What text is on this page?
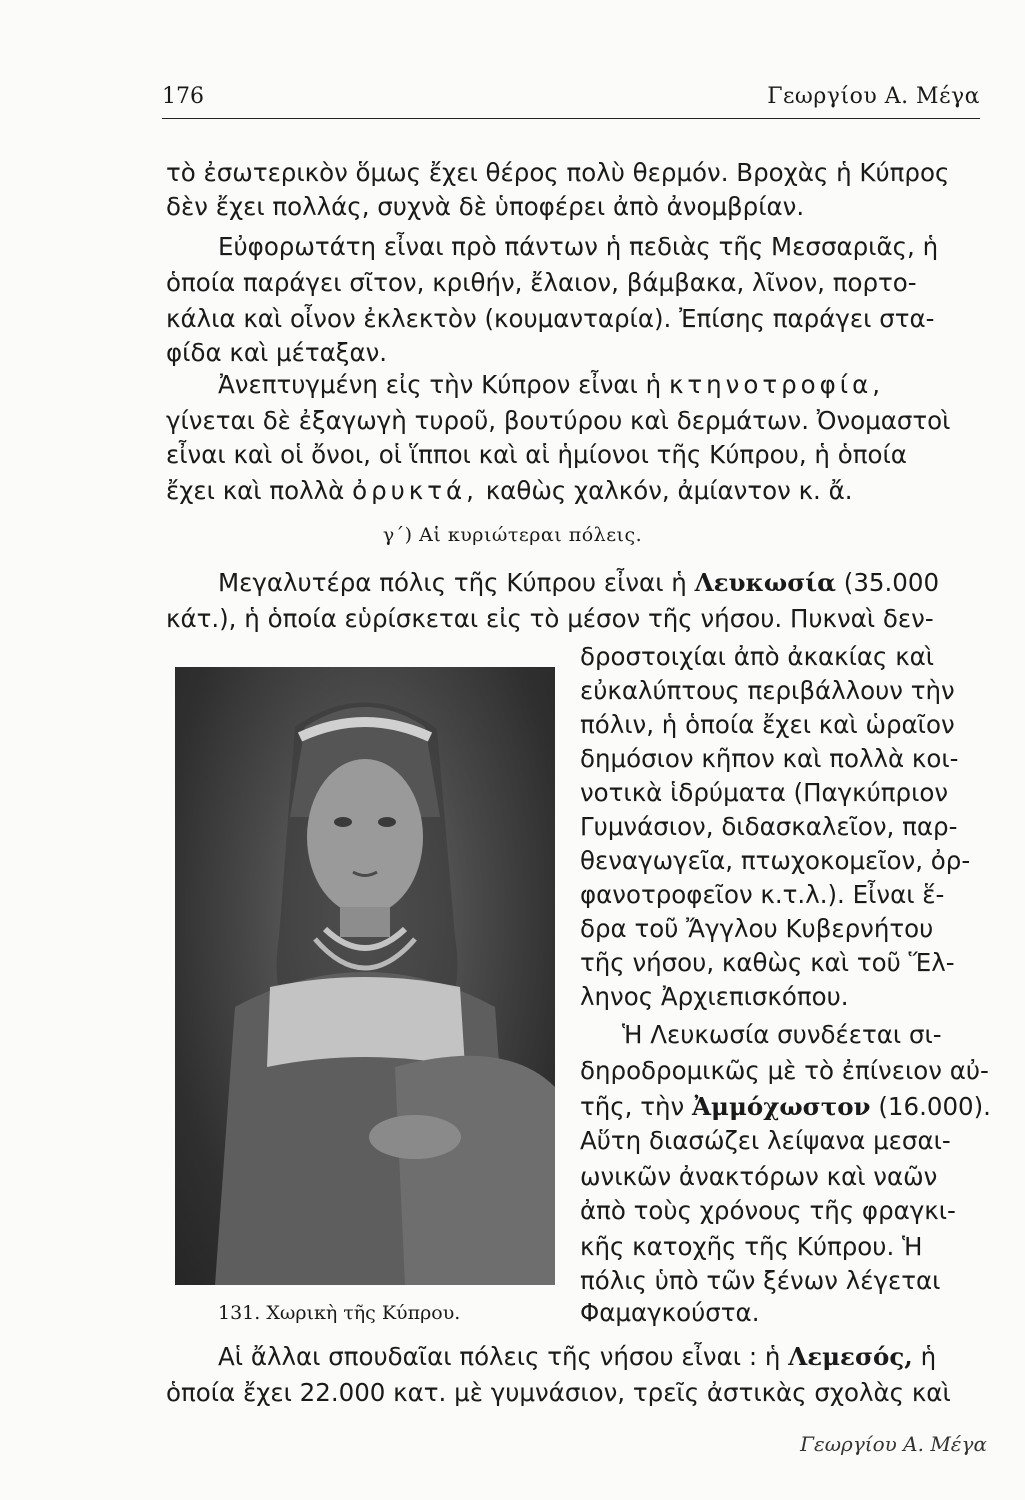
176	Γεωργίου Α. Μέγα
τὸ ἐσωτερικὸν ὅμως ἔχει θέρος πολὺ θερμόν. Βροχὰς ἡ Κύπρος
δὲν ἔχει πολλάς, συχνὰ δὲ ὑποφέρει ἀπὸ ἀνομβρίαν.
Εὐφορωτάτη εἶναι πρὸ πάντων ἡ πεδιὰς τῆς Μεσσαριᾶς, ἡ
ὁποία παράγει σῖτον, κριθήν, ἔλαιον, βάμβακα, λῖνον, πορτο-
κάλια καὶ οἶνον ἐκλεκτὸν (κουμανταρία). Ἐπίσης παράγει στα-
φίδα καὶ μέταξαν.
Ἀνεπτυγμένη εἰς τὴν Κύπρον εἶναι ἡ κτηνοτροφία,
γίνεται δὲ ἐξαγωγὴ τυροῦ, βουτύρου καὶ δερμάτων. Ὀνομαστοὶ
εἶναι καὶ οἱ ὄνοι, οἱ ἵπποι καὶ αἱ ἡμίονοι τῆς Κύπρου, ἡ ὁποία
ἔχει καὶ πολλὰ ὀρυκτά, καθὼς χαλκόν, ἀμίαντον κ. ἄ.
γ΄) Αἱ κυριώτεραι πόλεις.
Μεγαλυτέρα πόλις τῆς Κύπρου εἶναι ἡ Λευκωσία (35.000
κάτ.), ἡ ὁποία εὑρίσκεται εἰς τὸ μέσον τῆς νήσου. Πυκναὶ δεν-
131. Χωρικὴ τῆς Κύπρου.
δροστοιχίαι ἀπὸ ἀκακίας καὶ
εὐκαλύπτους περιβάλλουν τὴν
πόλιν, ἡ ὁποία ἔχει καὶ ὡραῖον
δημόσιον κῆπον καὶ πολλὰ κοι-
νοτικὰ ἱδρύματα (Παγκύπριον
Γυμνάσιον, διδασκαλεῖον, παρ-
θεναγωγεῖα, πτωχοκομεῖον, ὀρ-
φανοτροφεῖον κ.τ.λ.). Εἶναι ἕ-
δρα τοῦ Ἄγγλου Κυβερνήτου
τῆς νήσου, καθὼς καὶ τοῦ Ἕλ-
ληνος Ἀρχιεπισκόπου.
Ἡ Λευκωσία συνδέεται σι-
δηροδρομικῶς μὲ τὸ ἐπίνειον αὐ-
τῆς, τὴν Ἀμμόχωστον (16.000).
Αὕτη διασώζει λείψανα μεσαι-
ωνικῶν ἀνακτόρων καὶ ναῶν
ἀπὸ τοὺς χρόνους τῆς φραγκι-
κῆς κατοχῆς τῆς Κύπρου. Ἡ
πόλις ὑπὸ τῶν ξένων λέγεται
Φαμαγκούστα.
Αἱ ἄλλαι σπουδαῖαι πόλεις τῆς νήσου εἶναι : ἡ Λεμεσός, ἡ
ὁποία ἔχει 22.000 κατ. μὲ γυμνάσιον, τρεῖς ἀστικὰς σχολὰς καὶ
Γεωργίου Α. Μέγα
